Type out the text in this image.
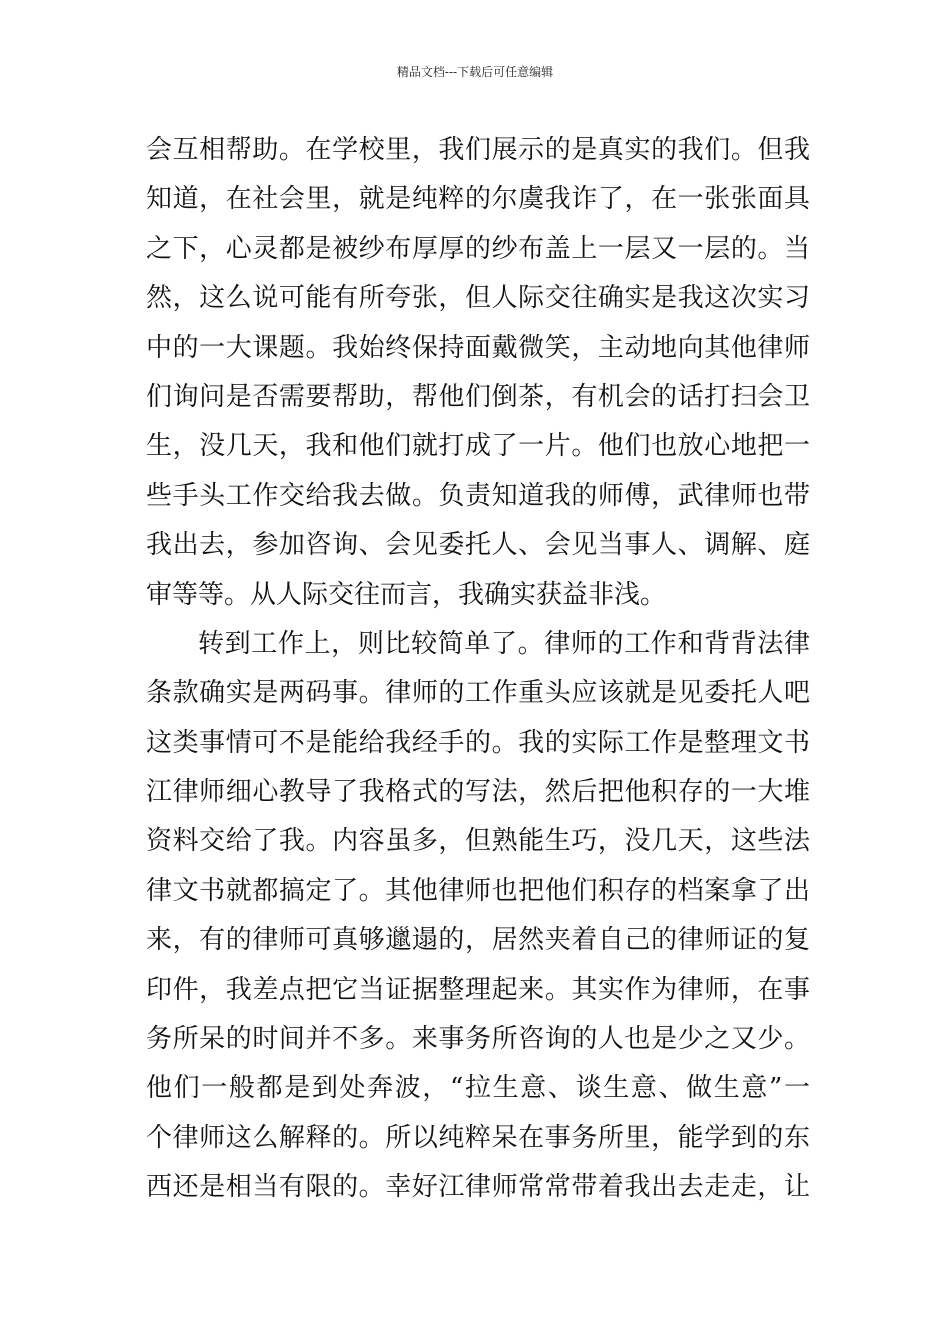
精品文档---下载后可任意编辑
会互相帮助。在学校里，我们展示的是真实的我们。但我
知道，在社会里，就是纯粹的尔虞我诈了，在一张张面具
之下，心灵都是被纱布厚厚的纱布盖上一层又一层的。当
然，这么说可能有所夸张，但人际交往确实是我这次实习
中的一大课题。我始终保持面戴微笑，主动地向其他律师
们询问是否需要帮助，帮他们倒茶，有机会的话打扫会卫
生，没几天，我和他们就打成了一片。他们也放心地把一
些手头工作交给我去做。负责知道我的师傅，武律师也带
我出去，参加咨询、会见委托人、会见当事人、调解、庭
审等等。从人际交往而言，我确实获益非浅。
转到工作上，则比较简单了。律师的工作和背背法律
条款确实是两码事。律师的工作重头应该就是见委托人吧
这类事情可不是能给我经手的。我的实际工作是整理文书
江律师细心教导了我格式的写法，然后把他积存的一大堆
资料交给了我。内容虽多，但熟能生巧，没几天，这些法
律文书就都搞定了。其他律师也把他们积存的档案拿了出
来，有的律师可真够邋遢的，居然夹着自己的律师证的复
印件，我差点把它当证据整理起来。其实作为律师，在事
务所呆的时间并不多。来事务所咨询的人也是少之又少。
他们一般都是到处奔波，“拉生意、谈生意、做生意”一
个律师这么解释的。所以纯粹呆在事务所里，能学到的东
西还是相当有限的。幸好江律师常常带着我出去走走，让
